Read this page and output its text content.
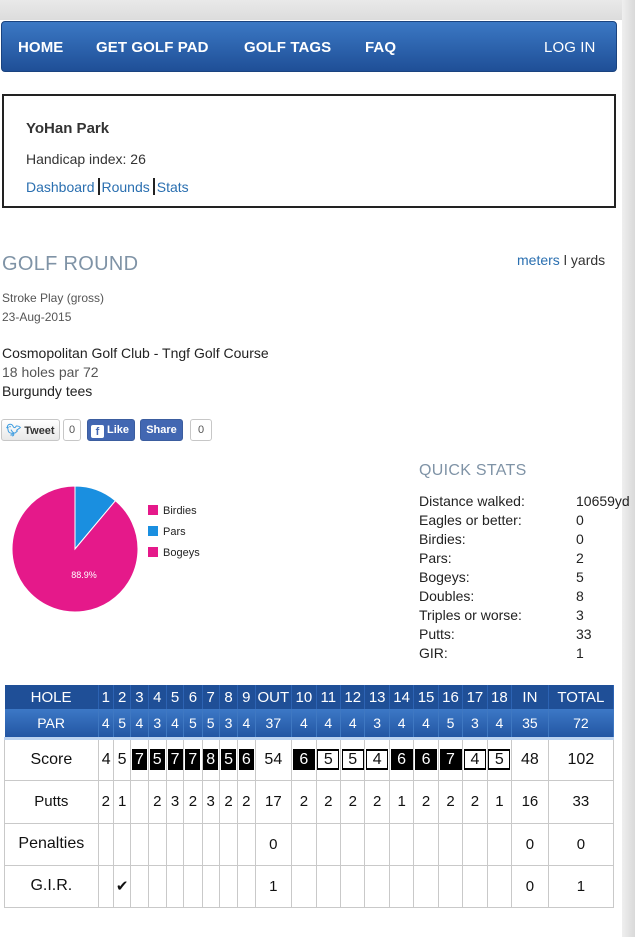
HOME GET GOLF PAD GOLF TAGS FAQ	LOG IN
YoHan Park
Handicap index: 26
Dashboard Rounds Stats
GOLF ROUND	meters l yards
Stroke Play (gross)
23-Aug-2015
Cosmopolitan Golf Club - Tngf Golf Course
18 holes par 72
Burgundy tees
🐦︎ Tweet	0	f Like	Share	0
88.9%
Birdies
Pars
Bogeys
QUICK STATS
Distance walked:	10659yd
Eagles or better:	0
Birdies:	0
Pars:	2
Bogeys:	5
Doubles:	8
Triples or worse:	3
Putts:	33
GIR:	1
HOLE	1	2	3	4	5	6	7	8	9	OUT	10	11	12	13	14	15	16	17	18	IN	TOTAL
PAR	4	5	4	3	4	5	5	3	4	37	4	4	4	3	4	4	5	3	4	35	72
Score	4	5	7	5	7	7	8	5	6	54	6	5	5	4	6	6	7	4	5	48	102
Putts	2	1		2	3	2	3	2	2	17	2	2	2	2	1	2	2	2	1	16	33
Penalties										0										0	0
G.I.R.		✔								1										0	1
